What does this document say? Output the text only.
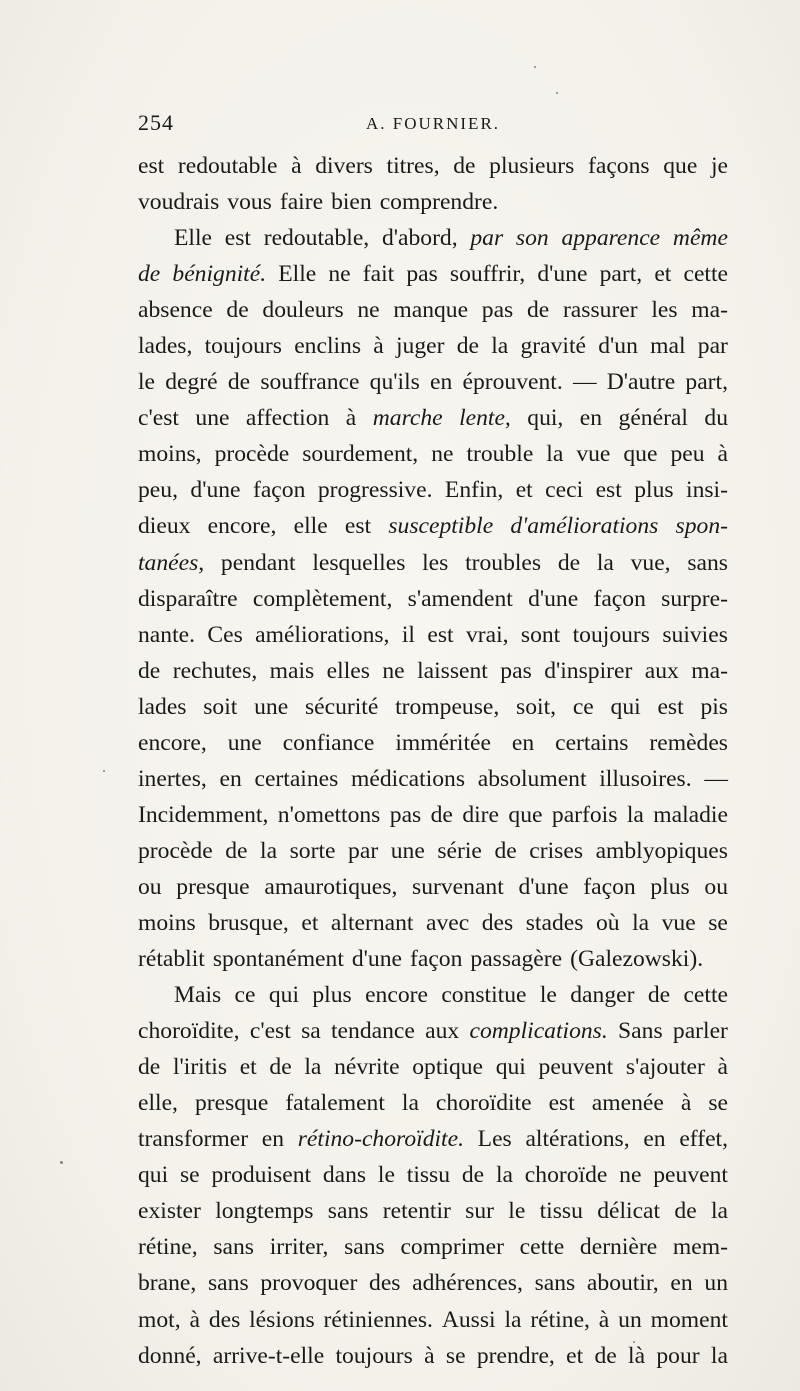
254	A. FOURNIER.
est redoutable à divers titres, de plusieurs façons que je
voudrais vous faire bien comprendre.
Elle est redoutable, d'abord, par son apparence même
de bénignité. Elle ne fait pas souffrir, d'une part, et cette
absence de douleurs ne manque pas de rassurer les ma-
lades, toujours enclins à juger de la gravité d'un mal par
le degré de souffrance qu'ils en éprouvent. — D'autre part,
c'est une affection à marche lente, qui, en général du
moins, procède sourdement, ne trouble la vue que peu à
peu, d'une façon progressive. Enfin, et ceci est plus insi-
dieux encore, elle est susceptible d'améliorations spon-
tanées, pendant lesquelles les troubles de la vue, sans
disparaître complètement, s'amendent d'une façon surpre-
nante. Ces améliorations, il est vrai, sont toujours suivies
de rechutes, mais elles ne laissent pas d'inspirer aux ma-
lades soit une sécurité trompeuse, soit, ce qui est pis
encore, une confiance imméritée en certains remèdes
inertes, en certaines médications absolument illusoires. —
Incidemment, n'omettons pas de dire que parfois la maladie
procède de la sorte par une série de crises amblyopiques
ou presque amaurotiques, survenant d'une façon plus ou
moins brusque, et alternant avec des stades où la vue se
rétablit spontanément d'une façon passagère (Galezowski).
Mais ce qui plus encore constitue le danger de cette
choroïdite, c'est sa tendance aux complications. Sans parler
de l'iritis et de la névrite optique qui peuvent s'ajouter à
elle, presque fatalement la choroïdite est amenée à se
transformer en rétino-choroïdite. Les altérations, en effet,
qui se produisent dans le tissu de la choroïde ne peuvent
exister longtemps sans retentir sur le tissu délicat de la
rétine, sans irriter, sans comprimer cette dernière mem-
brane, sans provoquer des adhérences, sans aboutir, en un
mot, à des lésions rétiniennes. Aussi la rétine, à un moment
donné, arrive-t-elle toujours à se prendre, et de là pour la
